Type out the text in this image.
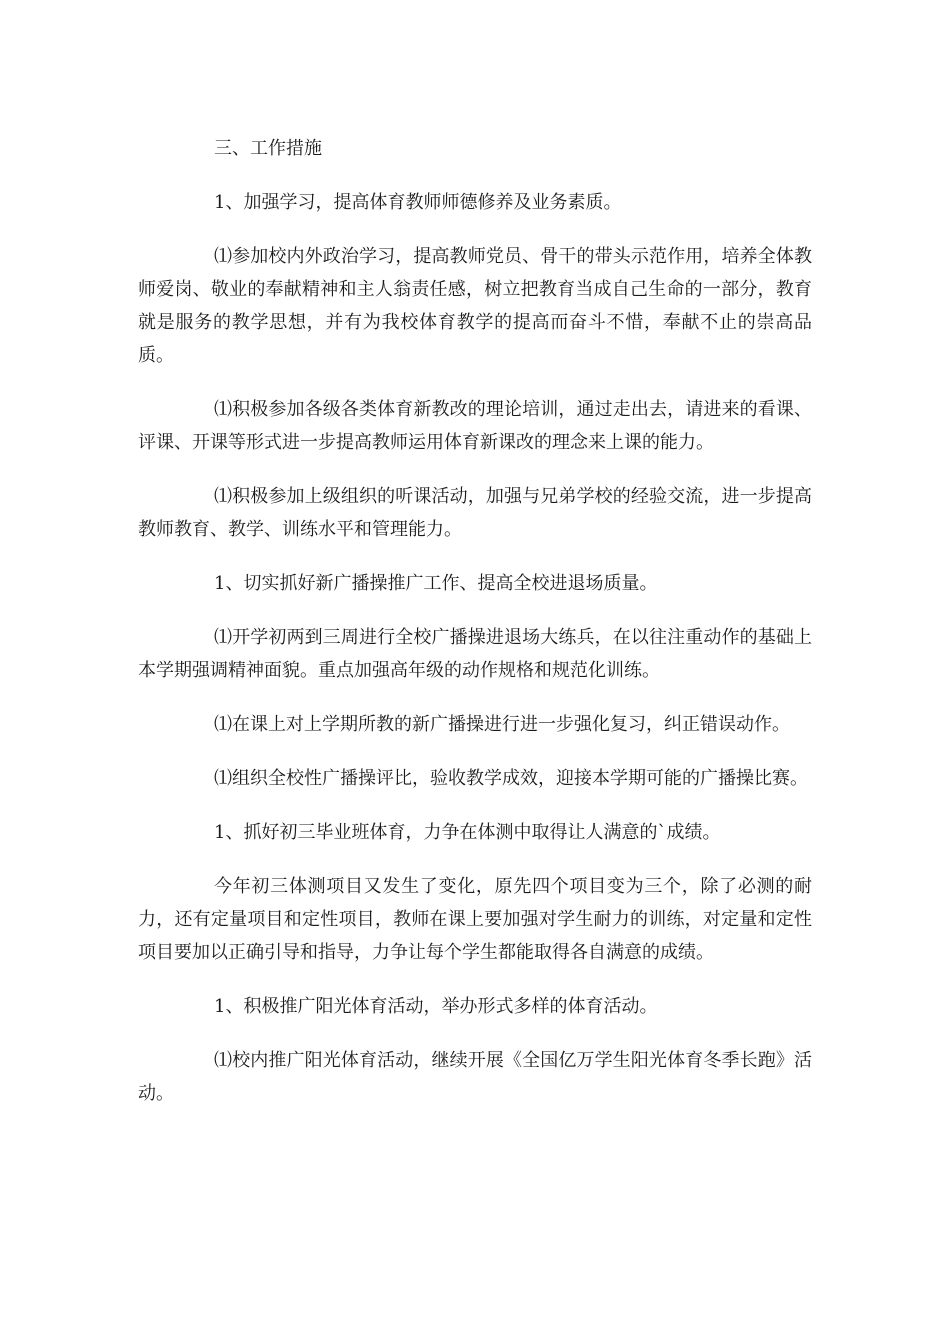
三、工作措施

1、加强学习，提高体育教师师德修养及业务素质。

⑴参加校内外政治学习，提高教师党员、骨干的带头示范作用，培养全体教师爱岗、敬业的奉献精神和主人翁责任感，树立把教育当成自己生命的一部分，教育就是服务的教学思想，并有为我校体育教学的提高而奋斗不惜，奉献不止的崇高品质。

⑴积极参加各级各类体育新教改的理论培训，通过走出去，请进来的看课、评课、开课等形式进一步提高教师运用体育新课改的理念来上课的能力。

⑴积极参加上级组织的听课活动，加强与兄弟学校的经验交流，进一步提高教师教育、教学、训练水平和管理能力。

1、切实抓好新广播操推广工作、提高全校进退场质量。

⑴开学初两到三周进行全校广播操进退场大练兵，在以往注重动作的基础上本学期强调精神面貌。重点加强高年级的动作规格和规范化训练。

⑴在课上对上学期所教的新广播操进行进一步强化复习，纠正错误动作。

⑴组织全校性广播操评比，验收教学成效，迎接本学期可能的广播操比赛。

1、抓好初三毕业班体育，力争在体测中取得让人满意的`成绩。

今年初三体测项目又发生了变化，原先四个项目变为三个，除了必测的耐力，还有定量项目和定性项目，教师在课上要加强对学生耐力的训练，对定量和定性项目要加以正确引导和指导，力争让每个学生都能取得各自满意的成绩。

1、积极推广阳光体育活动，举办形式多样的体育活动。

⑴校内推广阳光体育活动，继续开展《全国亿万学生阳光体育冬季长跑》活动。
